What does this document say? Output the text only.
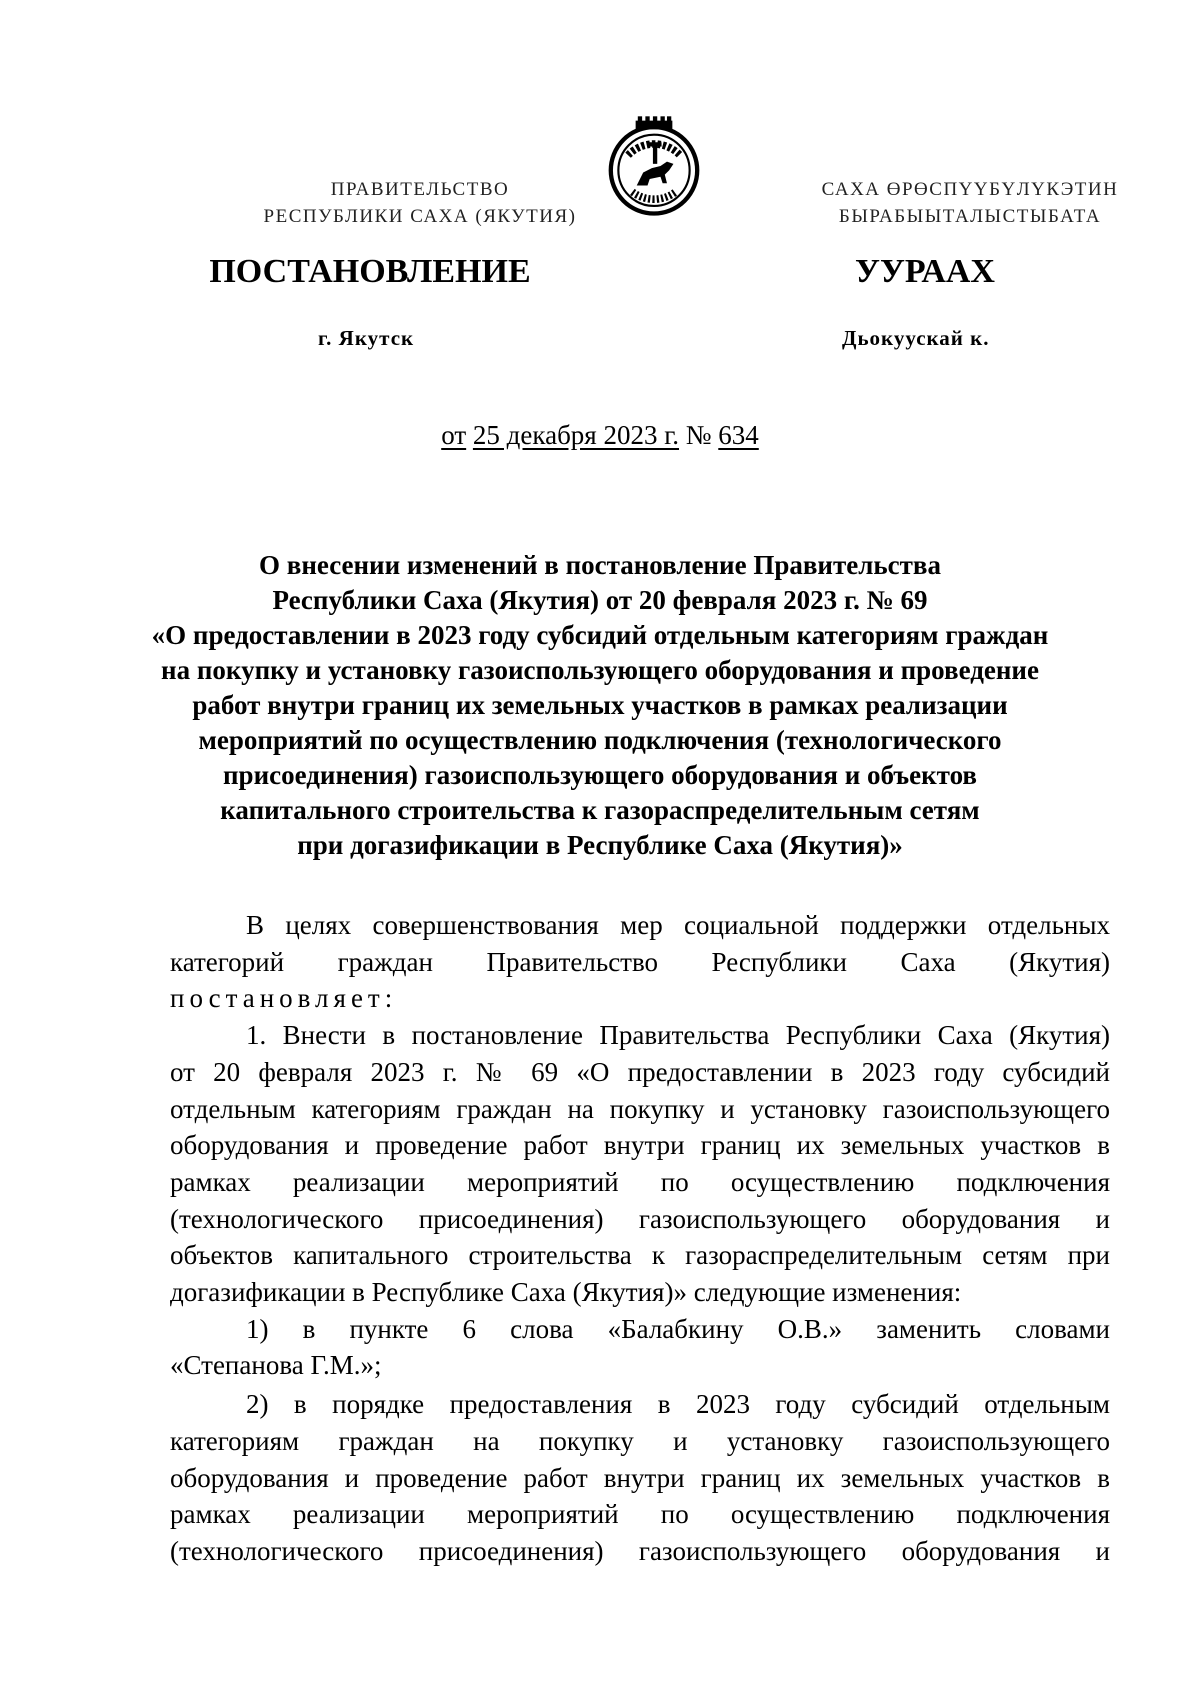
ПРАВИТЕЛЬСТВО
РЕСПУБЛИКИ САХА (ЯКУТИЯ)
САХА ӨРӨСПҮҮБҮЛҮКЭТИН
БЫРАБЫЫТАЛЫСТЫБАТА
ПОСТАНОВЛЕНИЕ	УУРААХ
г. Якутск	Дьокуускай к.
от 25 декабря 2023 г. № 634
О внесении изменений в постановление Правительства
Республики Саха (Якутия) от 20 февраля 2023 г. № 69
«О предоставлении в 2023 году субсидий отдельным категориям граждан
на покупку и установку газоиспользующего оборудования и проведение
работ внутри границ их земельных участков в рамках реализации
мероприятий по осуществлению подключения (технологического
присоединения) газоиспользующего оборудования и объектов
капитального строительства к газораспределительным сетям
при догазификации в Республике Саха (Якутия)»
В целях совершенствования мер социальной поддержки отдельных
категорий граждан Правительство Республики Саха (Якутия)
постановляет:
1. Внести в постановление Правительства Республики Саха (Якутия)
от 20 февраля 2023 г. № 69 «О предоставлении в 2023 году субсидий
отдельным категориям граждан на покупку и установку газоиспользующего
оборудования и проведение работ внутри границ их земельных участков в
рамках реализации мероприятий по осуществлению подключения
(технологического присоединения) газоиспользующего оборудования и
объектов капитального строительства к газораспределительным сетям при
догазификации в Республике Саха (Якутия)» следующие изменения:
1) в пункте 6 слова «Балабкину О.В.» заменить словами
«Степанова Г.М.»;
2) в порядке предоставления в 2023 году субсидий отдельным
категориям граждан на покупку и установку газоиспользующего
оборудования и проведение работ внутри границ их земельных участков в
рамках реализации мероприятий по осуществлению подключения
(технологического присоединения) газоиспользующего оборудования и
